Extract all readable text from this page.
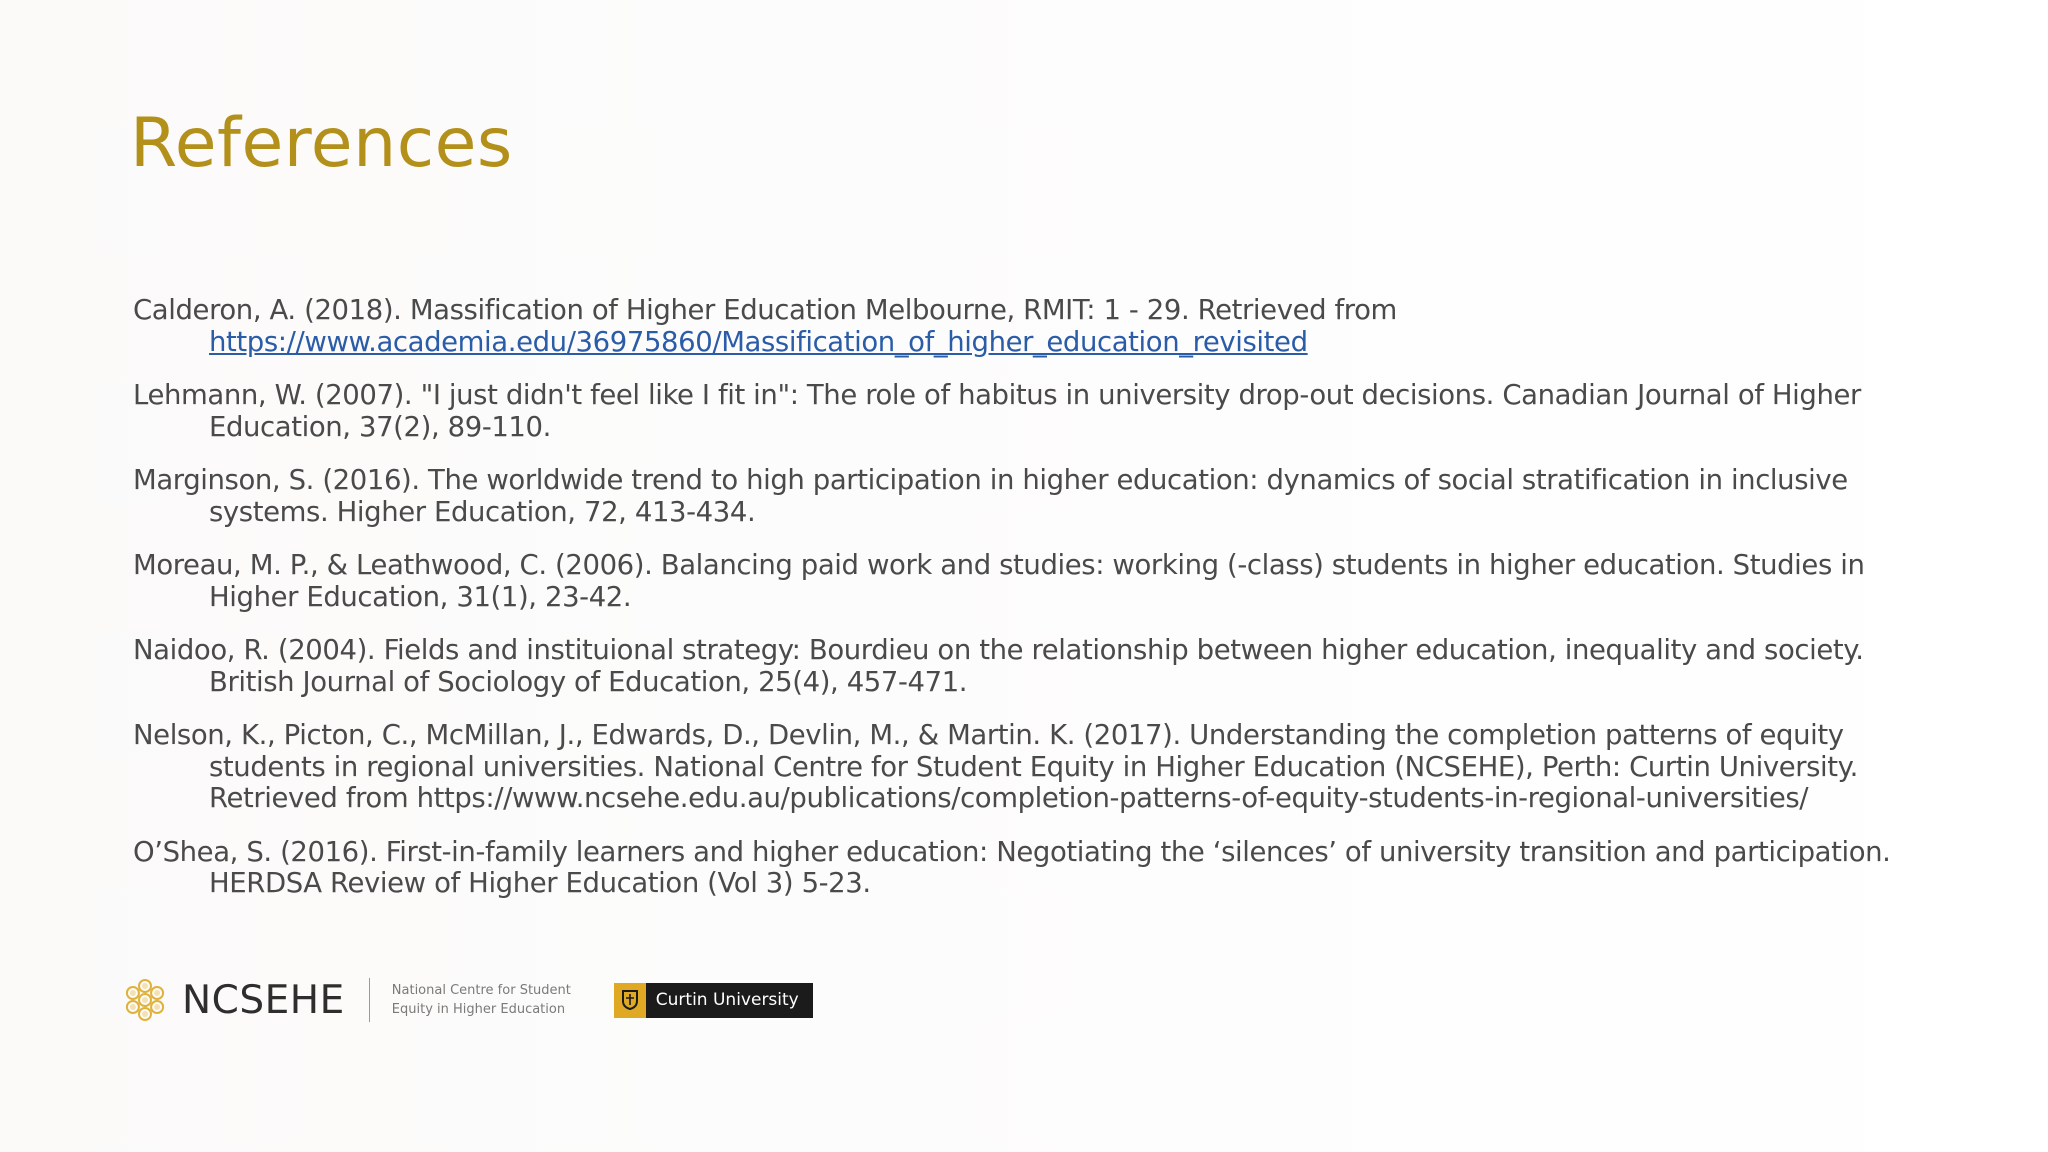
References

Calderon, A. (2018). Massification of Higher Education Melbourne, RMIT: 1 - 29. Retrieved from https://www.academia.edu/36975860/Massification_of_higher_education_revisited

Lehmann, W. (2007). "I just didn't feel like I fit in": The role of habitus in university drop-out decisions. Canadian Journal of Higher Education, 37(2), 89-110.

Marginson, S. (2016). The worldwide trend to high participation in higher education: dynamics of social stratification in inclusive systems. Higher Education, 72, 413-434.

Moreau, M. P., & Leathwood, C. (2006). Balancing paid work and studies: working (-class) students in higher education. Studies in Higher Education, 31(1), 23-42.

Naidoo, R. (2004). Fields and instituional strategy: Bourdieu on the relationship between higher education, inequality and society. British Journal of Sociology of Education, 25(4), 457-471.

Nelson, K., Picton, C., McMillan, J., Edwards, D., Devlin, M., & Martin. K. (2017). Understanding the completion patterns of equity students in regional universities. National Centre for Student Equity in Higher Education (NCSEHE), Perth: Curtin University. Retrieved from https://www.ncsehe.edu.au/publications/completion-patterns-of-equity-students-in-regional-universities/

O’Shea, S. (2016). First-in-family learners and higher education: Negotiating the ‘silences’ of university transition and participation. HERDSA Review of Higher Education (Vol 3) 5-23.

NCSEHE	National Centre for Student Equity in Higher Education	Curtin University
